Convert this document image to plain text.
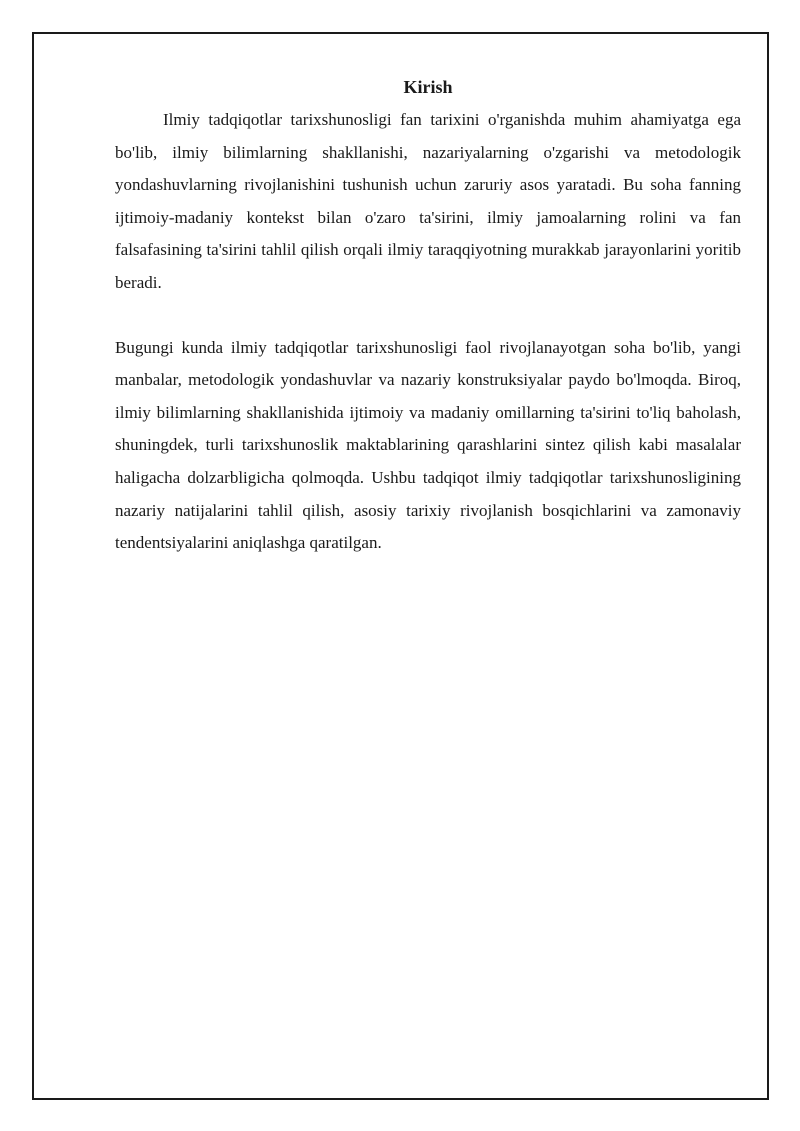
Kirish

Ilmiy tadqiqotlar tarixshunosligi fan tarixini o'rganishda muhim ahamiyatga ega bo'lib, ilmiy bilimlarning shakllanishi, nazariyalarning o'zgarishi va metodologik yondashuvlarning rivojlanishini tushunish uchun zaruriy asos yaratadi. Bu soha fanning ijtimoiy-madaniy kontekst bilan o'zaro ta'sirini, ilmiy jamoalarning rolini va fan falsafasining ta'sirini tahlil qilish orqali ilmiy taraqqiyotning murakkab jarayonlarini yoritib beradi.

Bugungi kunda ilmiy tadqiqotlar tarixshunosligi faol rivojlanayotgan soha bo'lib, yangi manbalar, metodologik yondashuvlar va nazariy konstruksiyalar paydo bo'lmoqda. Biroq, ilmiy bilimlarning shakllanishida ijtimoiy va madaniy omillarning ta'sirini to'liq baholash, shuningdek, turli tarixshunoslik maktablarining qarashlarini sintez qilish kabi masalalar haligacha dolzarbligicha qolmoqda. Ushbu tadqiqot ilmiy tadqiqotlar tarixshunosligining nazariy natijalarini tahlil qilish, asosiy tarixiy rivojlanish bosqichlarini va zamonaviy tendentsiyalarini aniqlashga qaratilgan.
